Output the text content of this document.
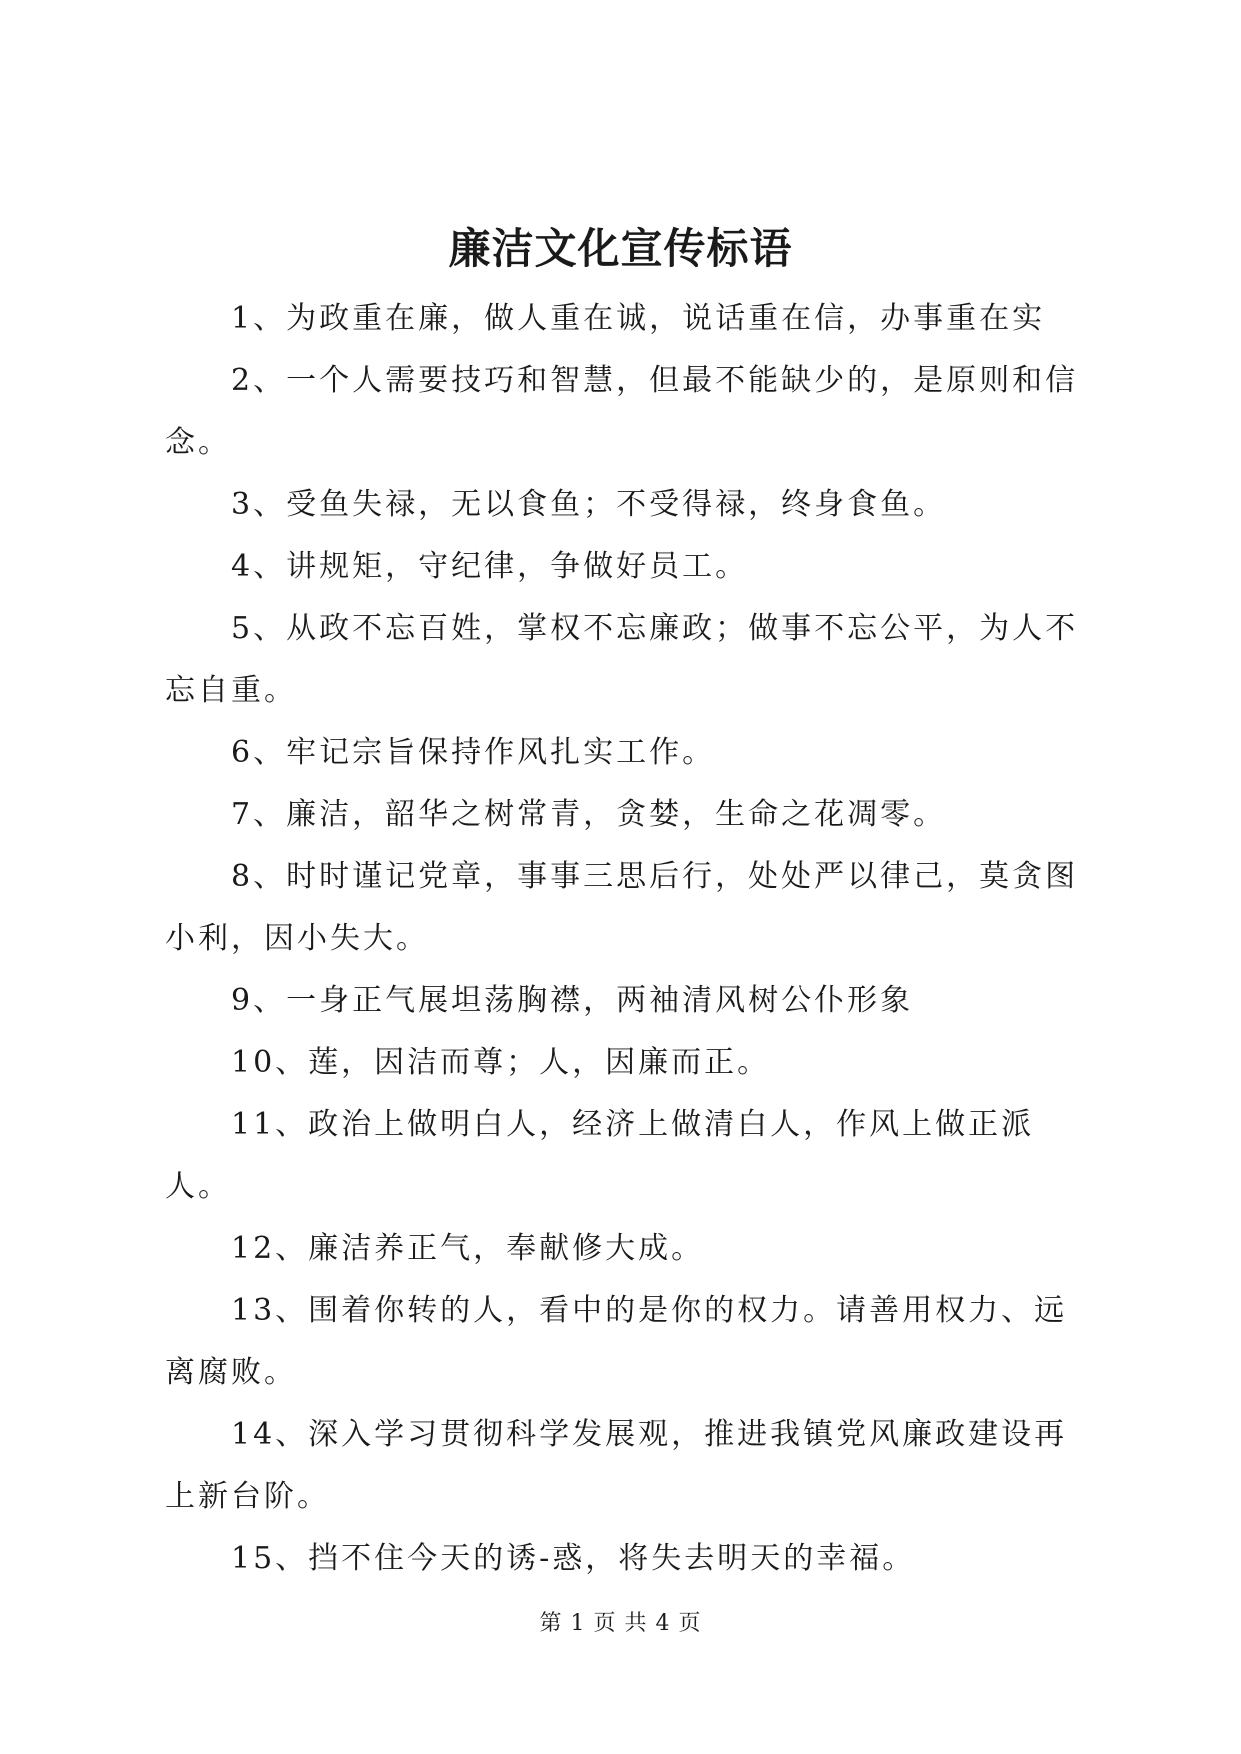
廉洁文化宣传标语

1、为政重在廉，做人重在诚，说话重在信，办事重在实

2、一个人需要技巧和智慧，但最不能缺少的，是原则和信念。

3、受鱼失禄，无以食鱼；不受得禄，终身食鱼。

4、讲规矩，守纪律，争做好员工。

5、从政不忘百姓，掌权不忘廉政；做事不忘公平，为人不忘自重。

6、牢记宗旨保持作风扎实工作。

7、廉洁，韶华之树常青，贪婪，生命之花凋零。

8、时时谨记党章，事事三思后行，处处严以律己，莫贪图小利，因小失大。

9、一身正气展坦荡胸襟，两袖清风树公仆形象

10、莲，因洁而尊；人，因廉而正。

11、政治上做明白人，经济上做清白人，作风上做正派人。

12、廉洁养正气，奉献修大成。

13、围着你转的人，看中的是你的权力。请善用权力、远离腐败。

14、深入学习贯彻科学发展观，推进我镇党风廉政建设再上新台阶。

15、挡不住今天的诱-惑，将失去明天的幸福。

第 1 页 共 4 页
